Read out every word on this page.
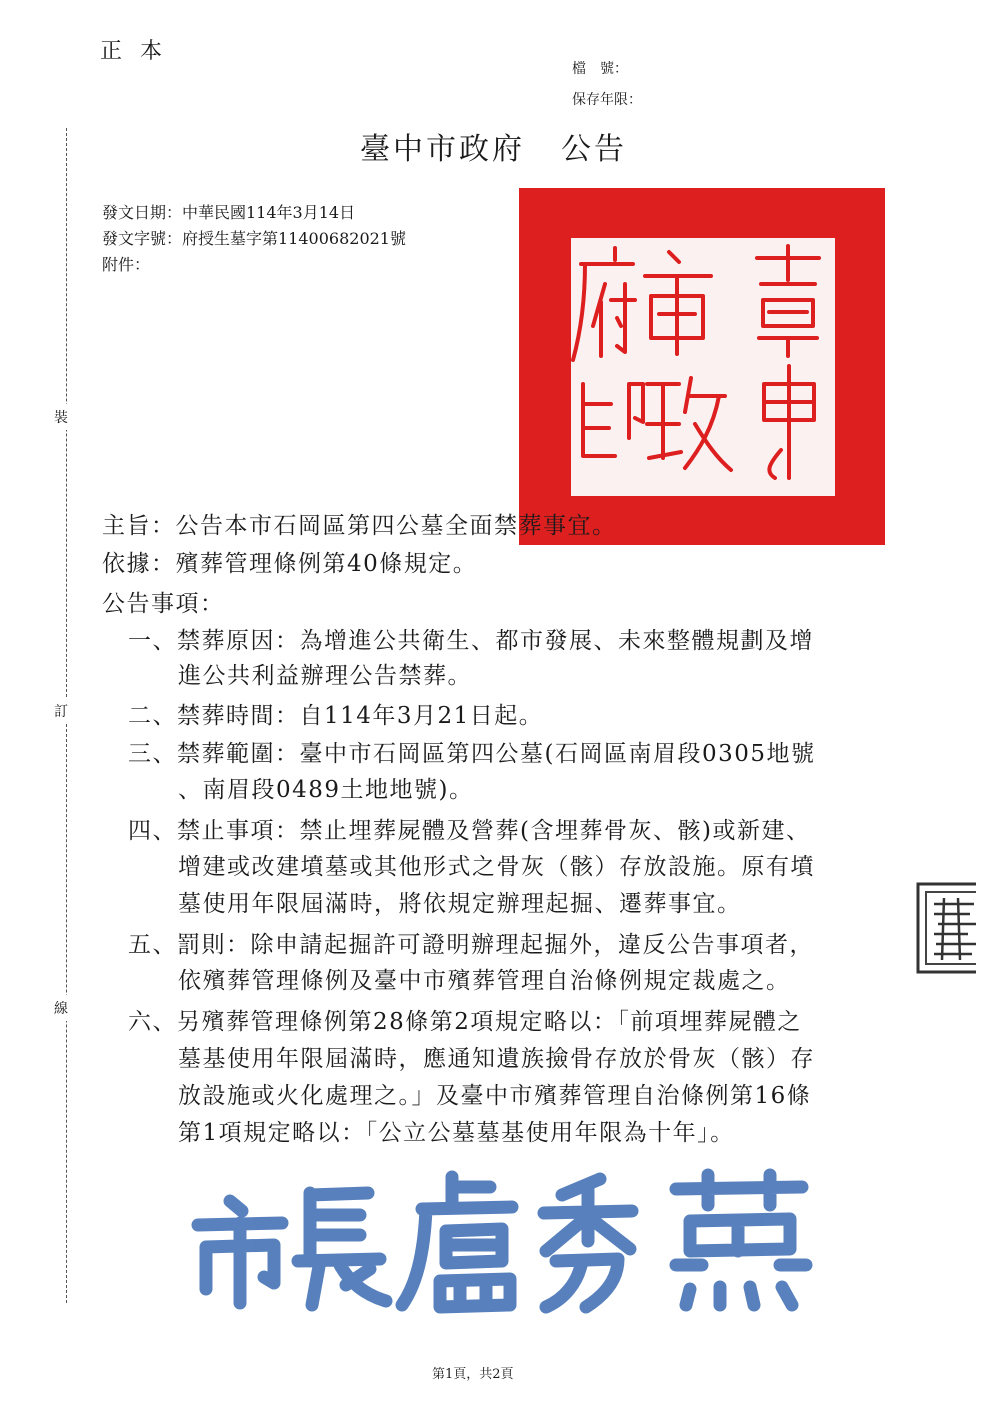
正本
檔　號：
保存年限：
裝
訂
線
臺中市政府 公告
發文日期：中華民國114年3月14日
發文字號：府授生墓字第11400682021號
附件：
主旨：公告本市石岡區第四公墓全面禁葬事宜。
依據：殯葬管理條例第40條規定。
公告事項：
一、禁葬原因：為增進公共衛生、都市發展、未來整體規劃及增
進公共利益辦理公告禁葬。
二、禁葬時間：自114年3月21日起。
三、禁葬範圍：臺中市石岡區第四公墓(石岡區南眉段0305地號
、南眉段0489土地地號)。
四、禁止事項：禁止埋葬屍體及營葬(含埋葬骨灰、骸)或新建、
增建或改建墳墓或其他形式之骨灰（骸）存放設施。原有墳
墓使用年限屆滿時，將依規定辦理起掘、遷葬事宜。
五、罰則：除申請起掘許可證明辦理起掘外，違反公告事項者，
依殯葬管理條例及臺中市殯葬管理自治條例規定裁處之。
六、另殯葬管理條例第28條第2項規定略以：「前項埋葬屍體之
墓基使用年限屆滿時，應通知遺族撿骨存放於骨灰（骸）存
放設施或火化處理之。」及臺中市殯葬管理自治條例第16條
第1項規定略以：「公立公墓墓基使用年限為十年」。
第1頁，共2頁
